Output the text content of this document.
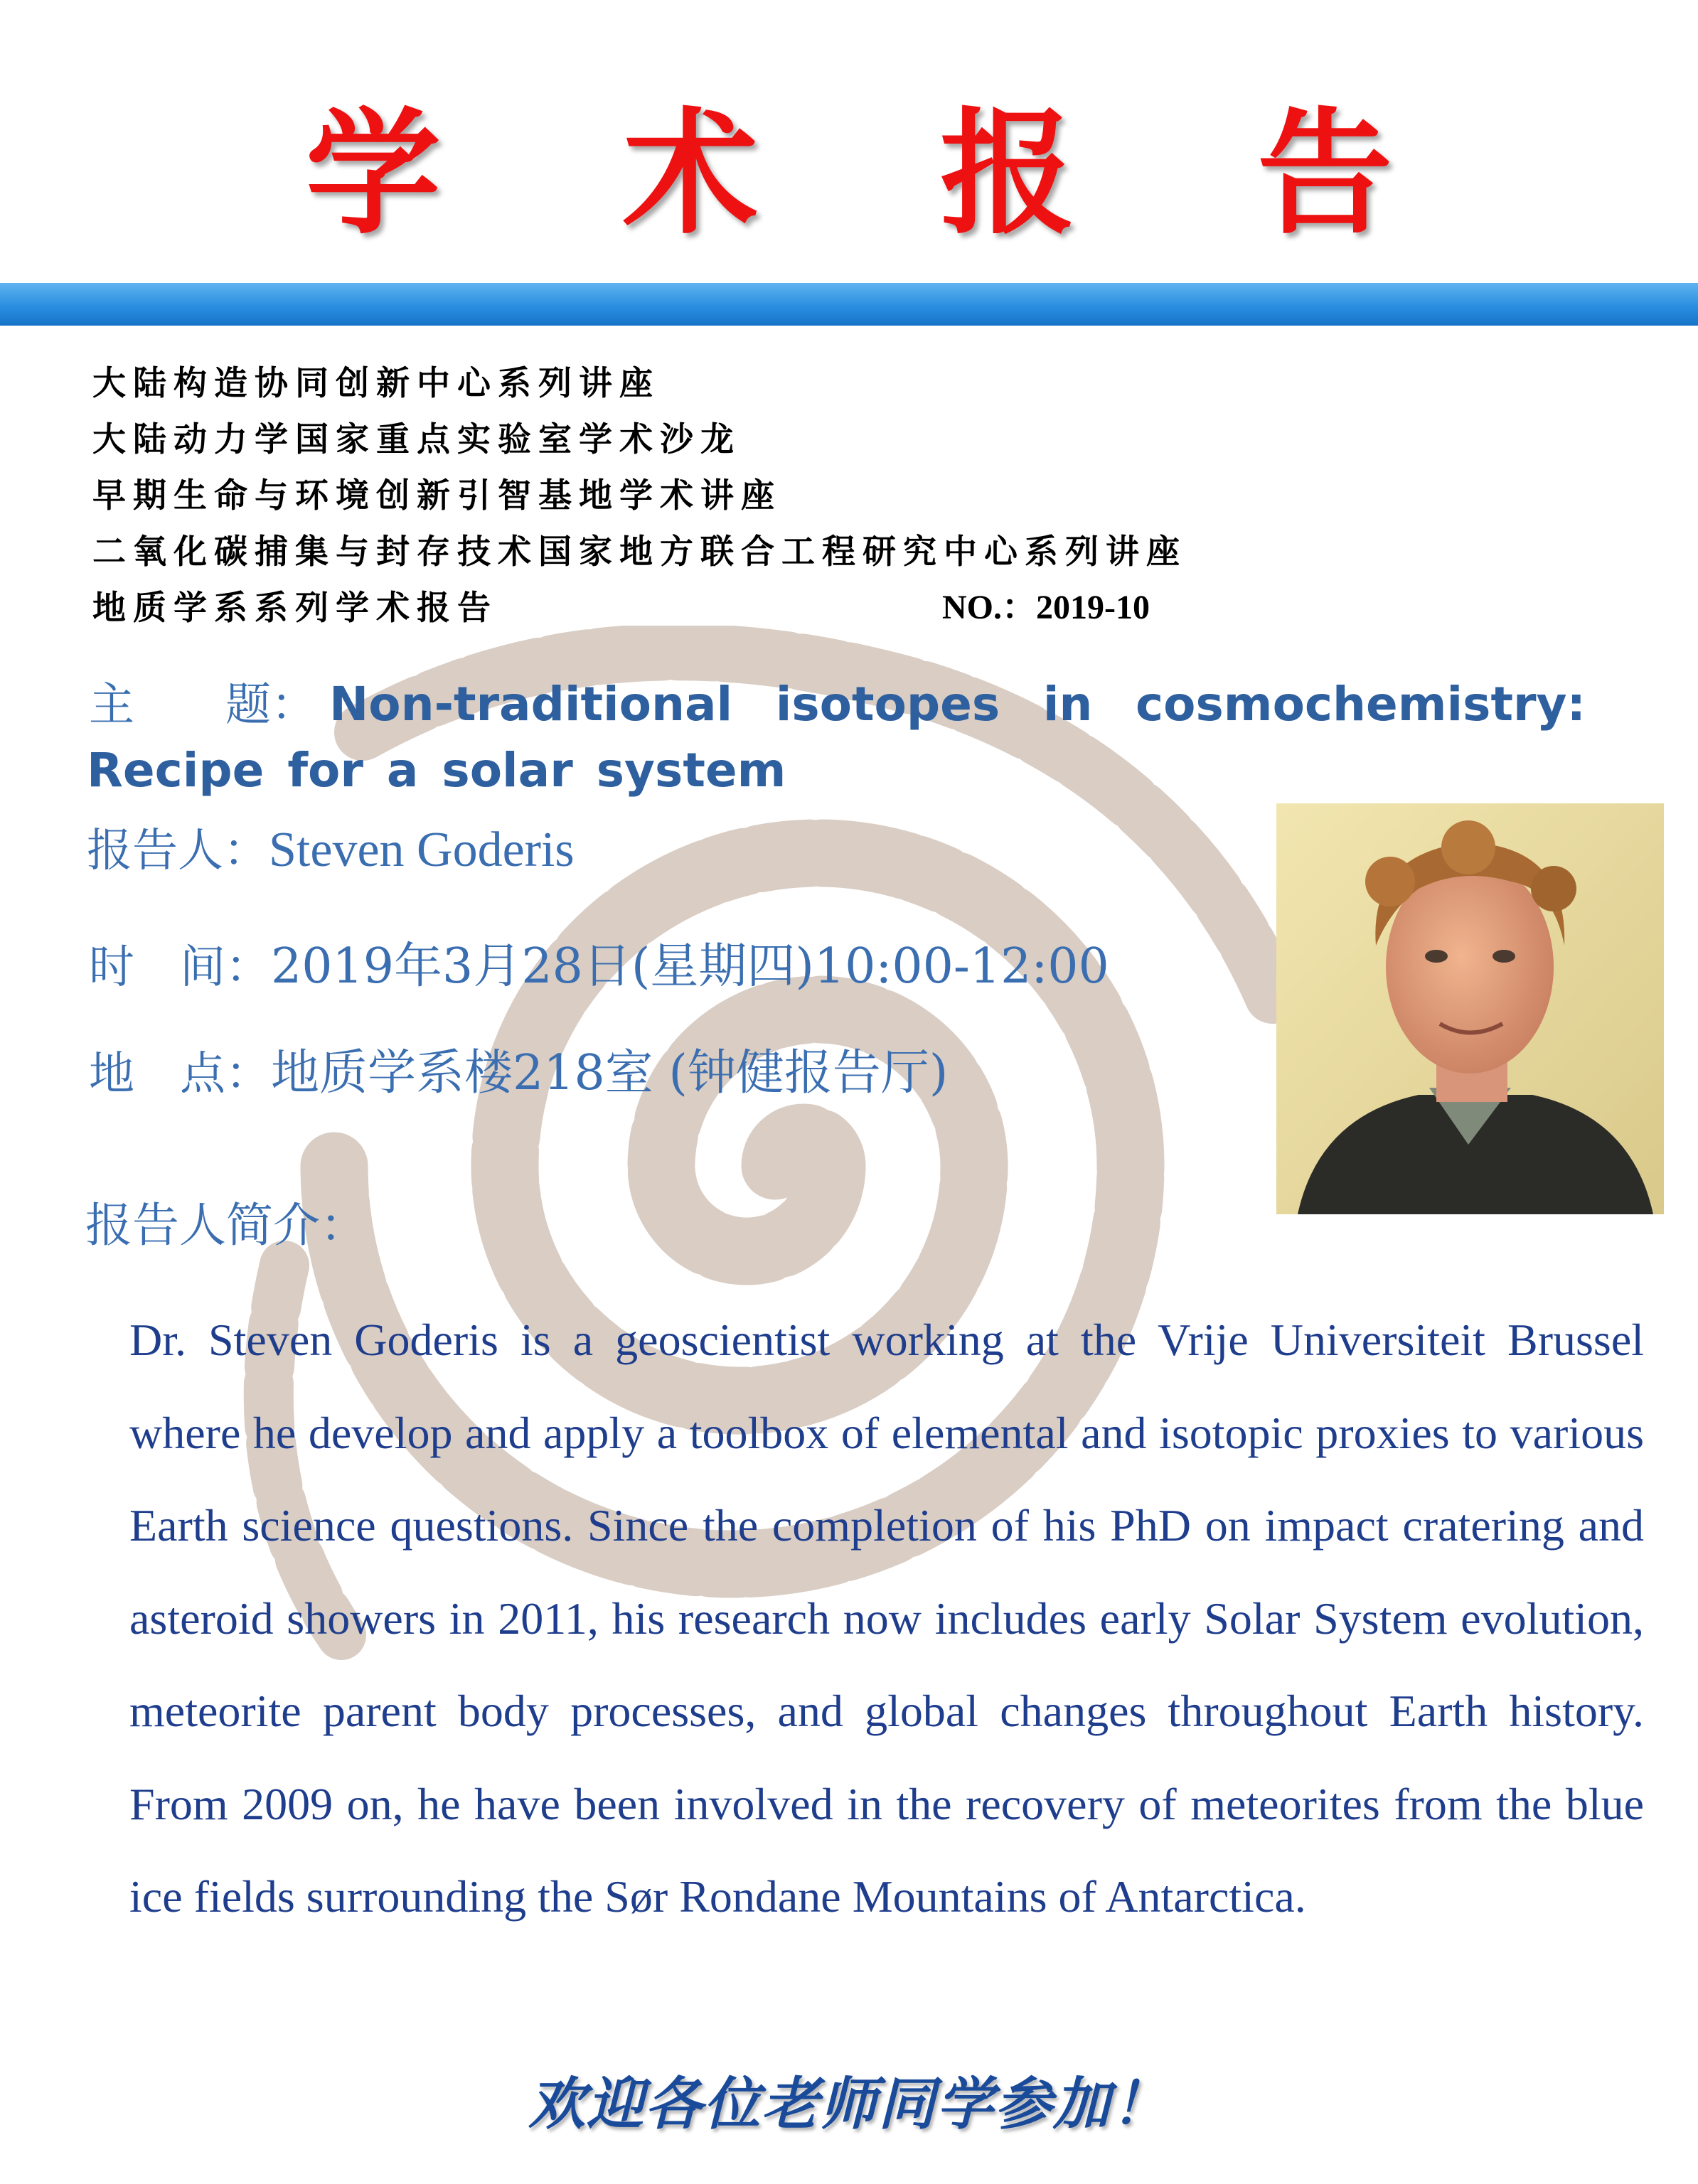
学 术 报 告
大陆构造协同创新中心系列讲座
大陆动力学国家重点实验室学术沙龙
早期生命与环境创新引智基地学术讲座
二氧化碳捕集与封存技术国家地方联合工程研究中心系列讲座
地质学系系列学术报告	NO.：2019-10
主　　题： Non-traditional isotopes in cosmochemistry:
Recipe for a solar system
报告人：Steven Goderis
时　间：2019年3月28日(星期四)10:00-12:00
地　点：地质学系楼218室 (钟健报告厅)
报告人简介：
Dr. Steven Goderis is a geoscientist working at the Vrije Universiteit Brussel where he develop and apply a toolbox of elemental and isotopic proxies to various Earth science questions. Since the completion of his PhD on impact cratering and asteroid showers in 2011, his research now includes early Solar System evolution, meteorite parent body processes, and global changes throughout Earth history. From 2009 on, he have been involved in the recovery of meteorites from the blue ice fields surrounding the Sør Rondane Mountains of Antarctica.
欢迎各位老师同学参加！
